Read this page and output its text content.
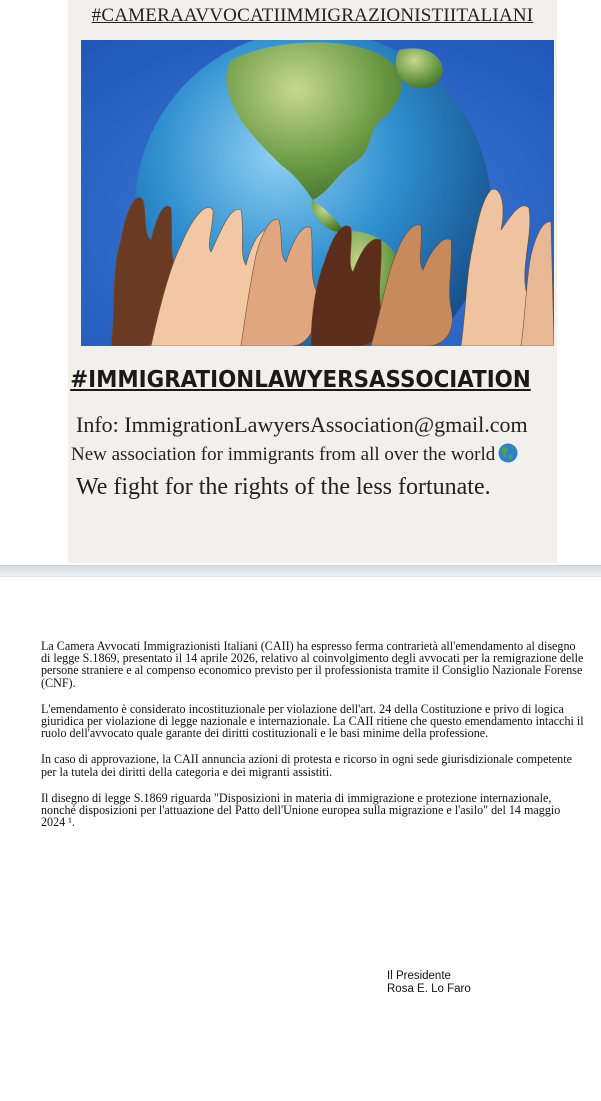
#CAMERAAVVOCATIIMMIGRAZIONISTIITALIANI
#IMMIGRATIONLAWYERSASSOCIATION
Info: ImmigrationLawyersAssociation@gmail.com
New association for immigrants from all over the world
We fight for the rights of the less fortunate.

La Camera Avvocati Immigrazionisti Italiani (CAII) ha espresso ferma contrarietà all'emendamento al disegno di legge S.1869, presentato il 14 aprile 2026, relativo al coinvolgimento degli avvocati per la remigrazione delle persone straniere e al compenso economico previsto per il professionista tramite il Consiglio Nazionale Forense (CNF).

L'emendamento è considerato incostituzionale per violazione dell'art. 24 della Costituzione e privo di logica giuridica per violazione di legge nazionale e internazionale. La CAII ritiene che questo emendamento intacchi il ruolo dell'avvocato quale garante dei diritti costituzionali e le basi minime della professione.

In caso di approvazione, la CAII annuncia azioni di protesta e ricorso in ogni sede giurisdizionale competente per la tutela dei diritti della categoria e dei migranti assistiti.

Il disegno di legge S.1869 riguarda "Disposizioni in materia di immigrazione e protezione internazionale, nonché disposizioni per l'attuazione del Patto dell'Unione europea sulla migrazione e l'asilo" del 14 maggio 2024 ¹.

Il Presidente
Rosa E. Lo Faro
